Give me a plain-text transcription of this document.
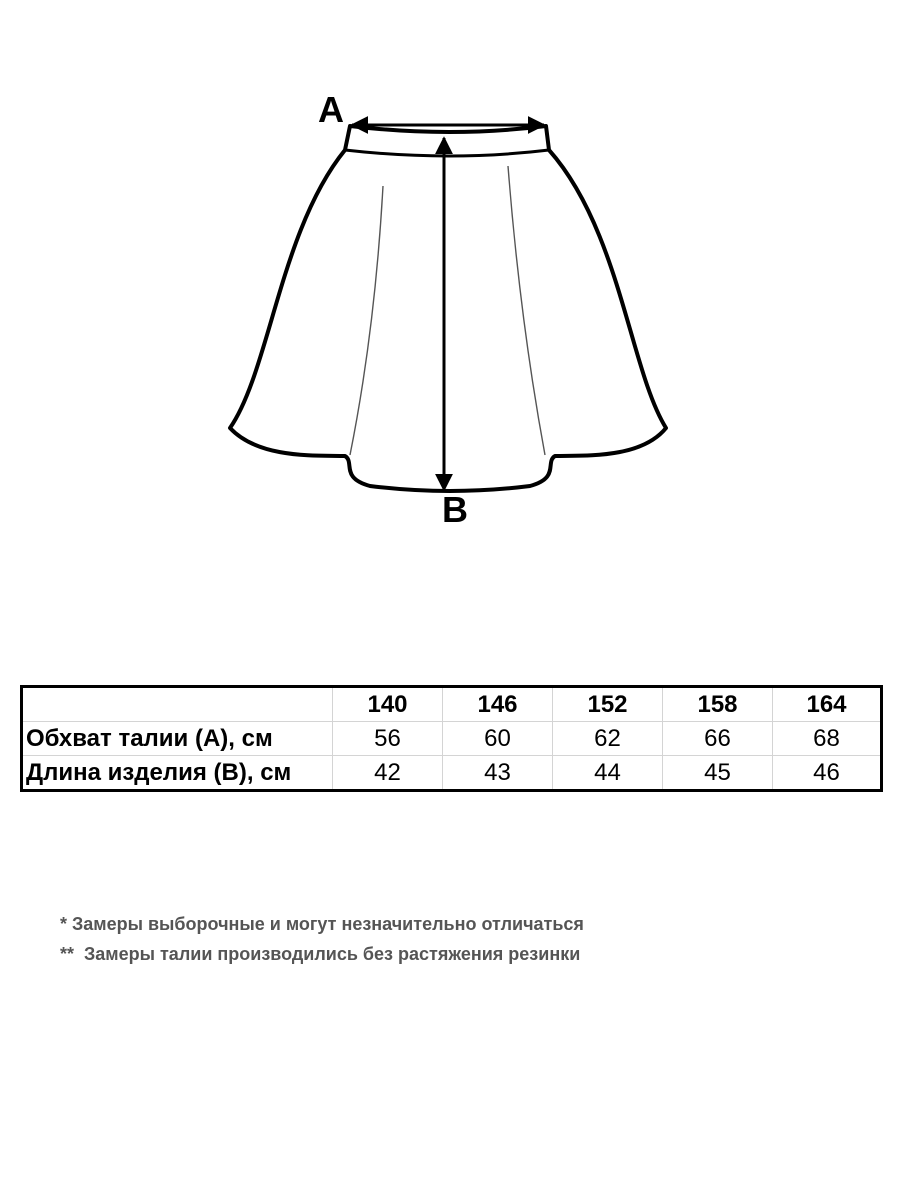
A
B
	140	146	152	158	164
Обхват талии (А), см	56	60	62	66	68
Длина изделия (В), см	42	43	44	45	46

* Замеры выборочные и могут незначительно отличаться

**  Замеры талии производились без растяжения резинки
